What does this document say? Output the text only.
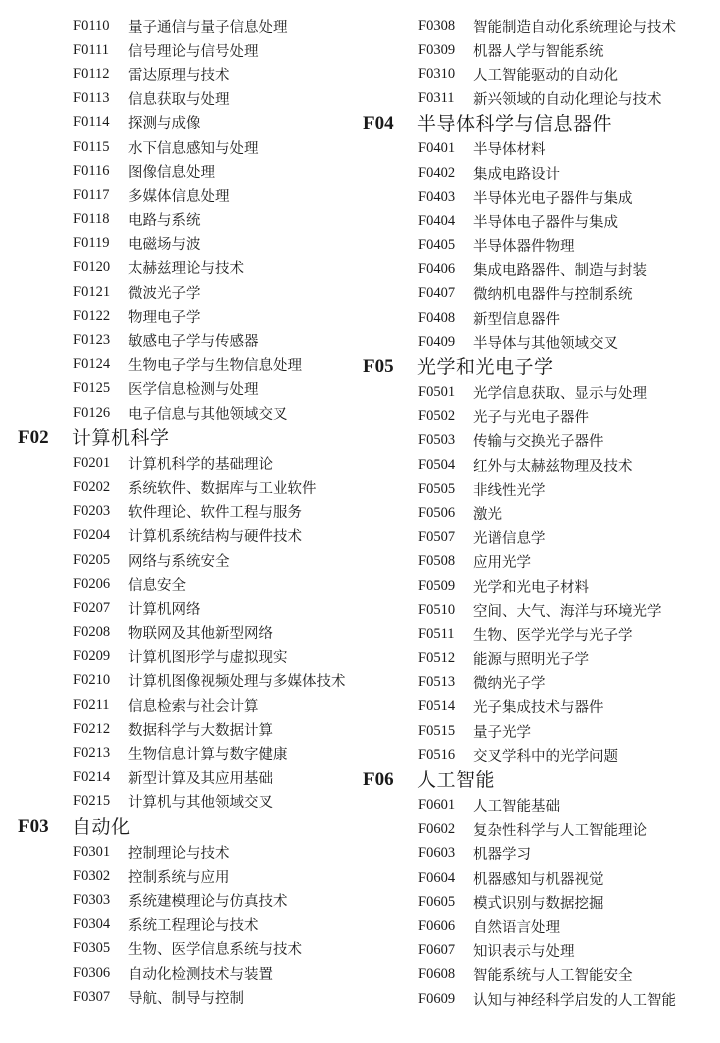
F0110	量子通信与量子信息处理
F0111	信号理论与信号处理
F0112	雷达原理与技术
F0113	信息获取与处理
F0114	探测与成像
F0115	水下信息感知与处理
F0116	图像信息处理
F0117	多媒体信息处理
F0118	电路与系统
F0119	电磁场与波
F0120	太赫兹理论与技术
F0121	微波光子学
F0122	物理电子学
F0123	敏感电子学与传感器
F0124	生物电子学与生物信息处理
F0125	医学信息检测与处理
F0126	电子信息与其他领域交叉
F02	计算机科学
F0201	计算机科学的基础理论
F0202	系统软件、数据库与工业软件
F0203	软件理论、软件工程与服务
F0204	计算机系统结构与硬件技术
F0205	网络与系统安全
F0206	信息安全
F0207	计算机网络
F0208	物联网及其他新型网络
F0209	计算机图形学与虚拟现实
F0210	计算机图像视频处理与多媒体技术
F0211	信息检索与社会计算
F0212	数据科学与大数据计算
F0213	生物信息计算与数字健康
F0214	新型计算及其应用基础
F0215	计算机与其他领域交叉
F03	自动化
F0301	控制理论与技术
F0302	控制系统与应用
F0303	系统建模理论与仿真技术
F0304	系统工程理论与技术
F0305	生物、医学信息系统与技术
F0306	自动化检测技术与装置
F0307	导航、制导与控制
F0308	智能制造自动化系统理论与技术
F0309	机器人学与智能系统
F0310	人工智能驱动的自动化
F0311	新兴领域的自动化理论与技术
F04	半导体科学与信息器件
F0401	半导体材料
F0402	集成电路设计
F0403	半导体光电子器件与集成
F0404	半导体电子器件与集成
F0405	半导体器件物理
F0406	集成电路器件、制造与封装
F0407	微纳机电器件与控制系统
F0408	新型信息器件
F0409	半导体与其他领域交叉
F05	光学和光电子学
F0501	光学信息获取、显示与处理
F0502	光子与光电子器件
F0503	传输与交换光子器件
F0504	红外与太赫兹物理及技术
F0505	非线性光学
F0506	激光
F0507	光谱信息学
F0508	应用光学
F0509	光学和光电子材料
F0510	空间、大气、海洋与环境光学
F0511	生物、医学光学与光子学
F0512	能源与照明光子学
F0513	微纳光子学
F0514	光子集成技术与器件
F0515	量子光学
F0516	交叉学科中的光学问题
F06	人工智能
F0601	人工智能基础
F0602	复杂性科学与人工智能理论
F0603	机器学习
F0604	机器感知与机器视觉
F0605	模式识别与数据挖掘
F0606	自然语言处理
F0607	知识表示与处理
F0608	智能系统与人工智能安全
F0609	认知与神经科学启发的人工智能
